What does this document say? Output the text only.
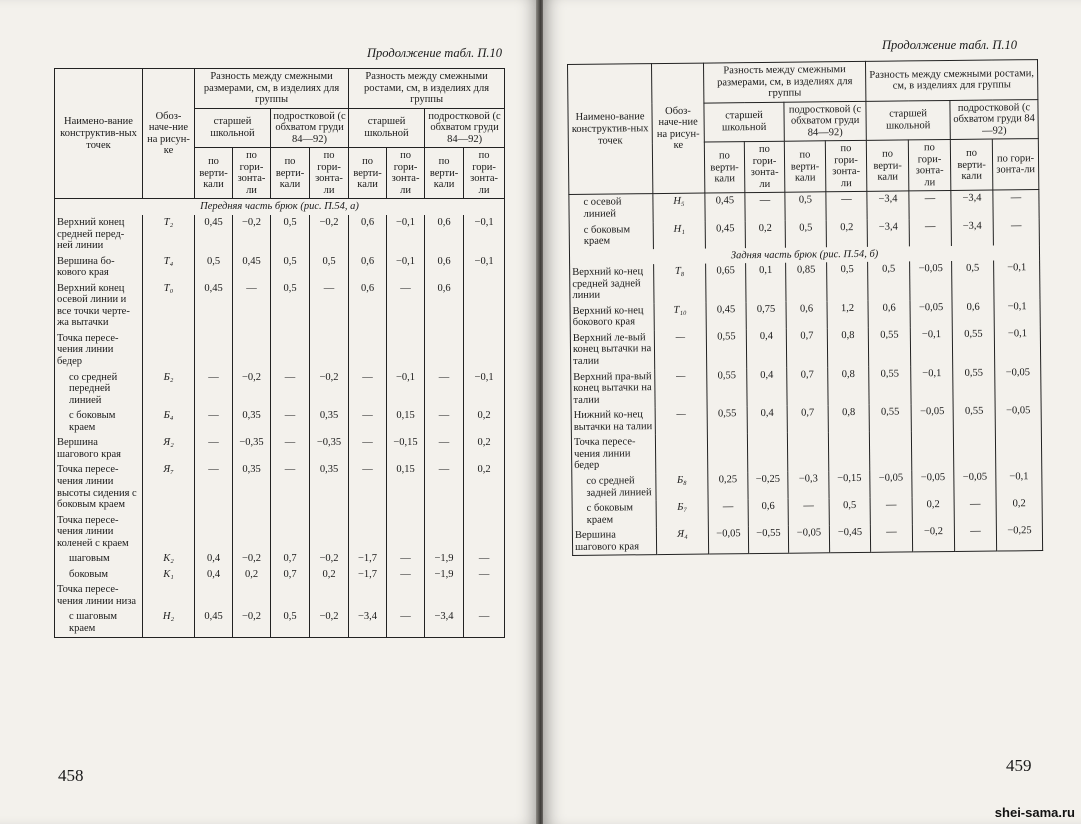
Продолжение табл. П.10
Наимено-вание конструктив-ных точек	Обоз-наче-ние на рисун-ке	Разность между смежными размерами, см, в изделиях для группы				Разность между смежными ростами, см, в изделиях для группы			
		старшей школьной		подростковой (с обхватом груди 84—92)		старшей школьной		подростковой (с обхватом груди 84—92)	
		по верти-кали	по гори-зонта-ли	по верти-кали	по гори-зонта-ли	по верти-кали	по гори-зонта-ли	по верти-кали	по гори-зонта-ли
Передняя часть брюк (рис. П.54, а)									
Верхний конец средней перед-ней линии	Т₂	0,45	−0,2	0,5	−0,2	0,6	−0,1	0,6	−0,1
Вершина бо-кового края	Т₄	0,5	0,45	0,5	0,5	0,6	−0,1	0,6	−0,1
Верхний конец осевой линии и все точки черте-жа вытачки	Т₀	0,45	—	0,5	—	0,6	—	0,6	
Точка пересе-чения линии бедер									
со средней передней линией	Б₂	—	−0,2	—	−0,2	—	−0,1	—	−0,1
с боковым краем	Б₄	—	0,35	—	0,35	—	0,15	—	0,2
Вершина шагового края	Я₂	—	−0,35	—	−0,35	—	−0,15	—	0,2
Точка пересе-чения линии высоты сидения с боковым краем	Я₇	—	0,35	—	0,35	—	0,15	—	0,2
Точка пересе-чения линии коленей с краем									
шаговым	К₂	0,4	−0,2	0,7	−0,2	−1,7	—	−1,9	—
боковым	К₁	0,4	0,2	0,7	0,2	−1,7	—	−1,9	—
Точка пересе-чения линии низа									
с шаговым краем	Н₂	0,45	−0,2	0,5	−0,2	−3,4	—	−3,4	—
458
Продолжение табл. П.10
Наимено-вание конструктив-ных точек	Обоз-наче-ние на рисун-ке	Разность между смежными размерами, см, в изделиях для группы				Разность между смежными ростами, см, в изделиях для группы			
		старшей школьной		подростковой (с обхватом груди 84—92)		старшей школьной		подростковой (с обхватом груди 84—92)	
		по верти-кали	по гори-зонта-ли	по верти-кали	по гори-зонта-ли	по верти-кали	по гори-зонта-ли	по верти-кали	по гори-зонта-ли
с осевой линией	Н₅	0,45	—	0,5	—	−3,4	—	−3,4	—
с боковым краем	Н₁	0,45	0,2	0,5	0,2	−3,4	—	−3,4	—
Задняя часть брюк (рис. П.54, б)									
Верхний ко-нец средней задней линии	Т₈	0,65	0,1	0,85	0,5	0,5	−0,05	0,5	−0,1
Верхний ко-нец бокового края	Т₁₀	0,45	0,75	0,6	1,2	0,6	−0,05	0,6	−0,1
Верхний ле-вый конец вытачки на талии	—	0,55	0,4	0,7	0,8	0,55	−0,1	0,55	−0,1
Верхний пра-вый конец вытачки на талии	—	0,55	0,4	0,7	0,8	0,55	−0,1	0,55	−0,05
Нижний ко-нец вытачки на талии	—	0,55	0,4	0,7	0,8	0,55	−0,05	0,55	−0,05
Точка пересе-чения линии бедер									
со средней задней линией	Б₈	0,25	−0,25	−0,3	−0,15	−0,05	−0,05	−0,05	−0,1
с боковым краем	Б₇	—	0,6	—	0,5	—	0,2	—	0,2
Вершина шагового края	Я₄	−0,05	−0,55	−0,05	−0,45	—	−0,2	—	−0,25
459
shei-sama.ru
